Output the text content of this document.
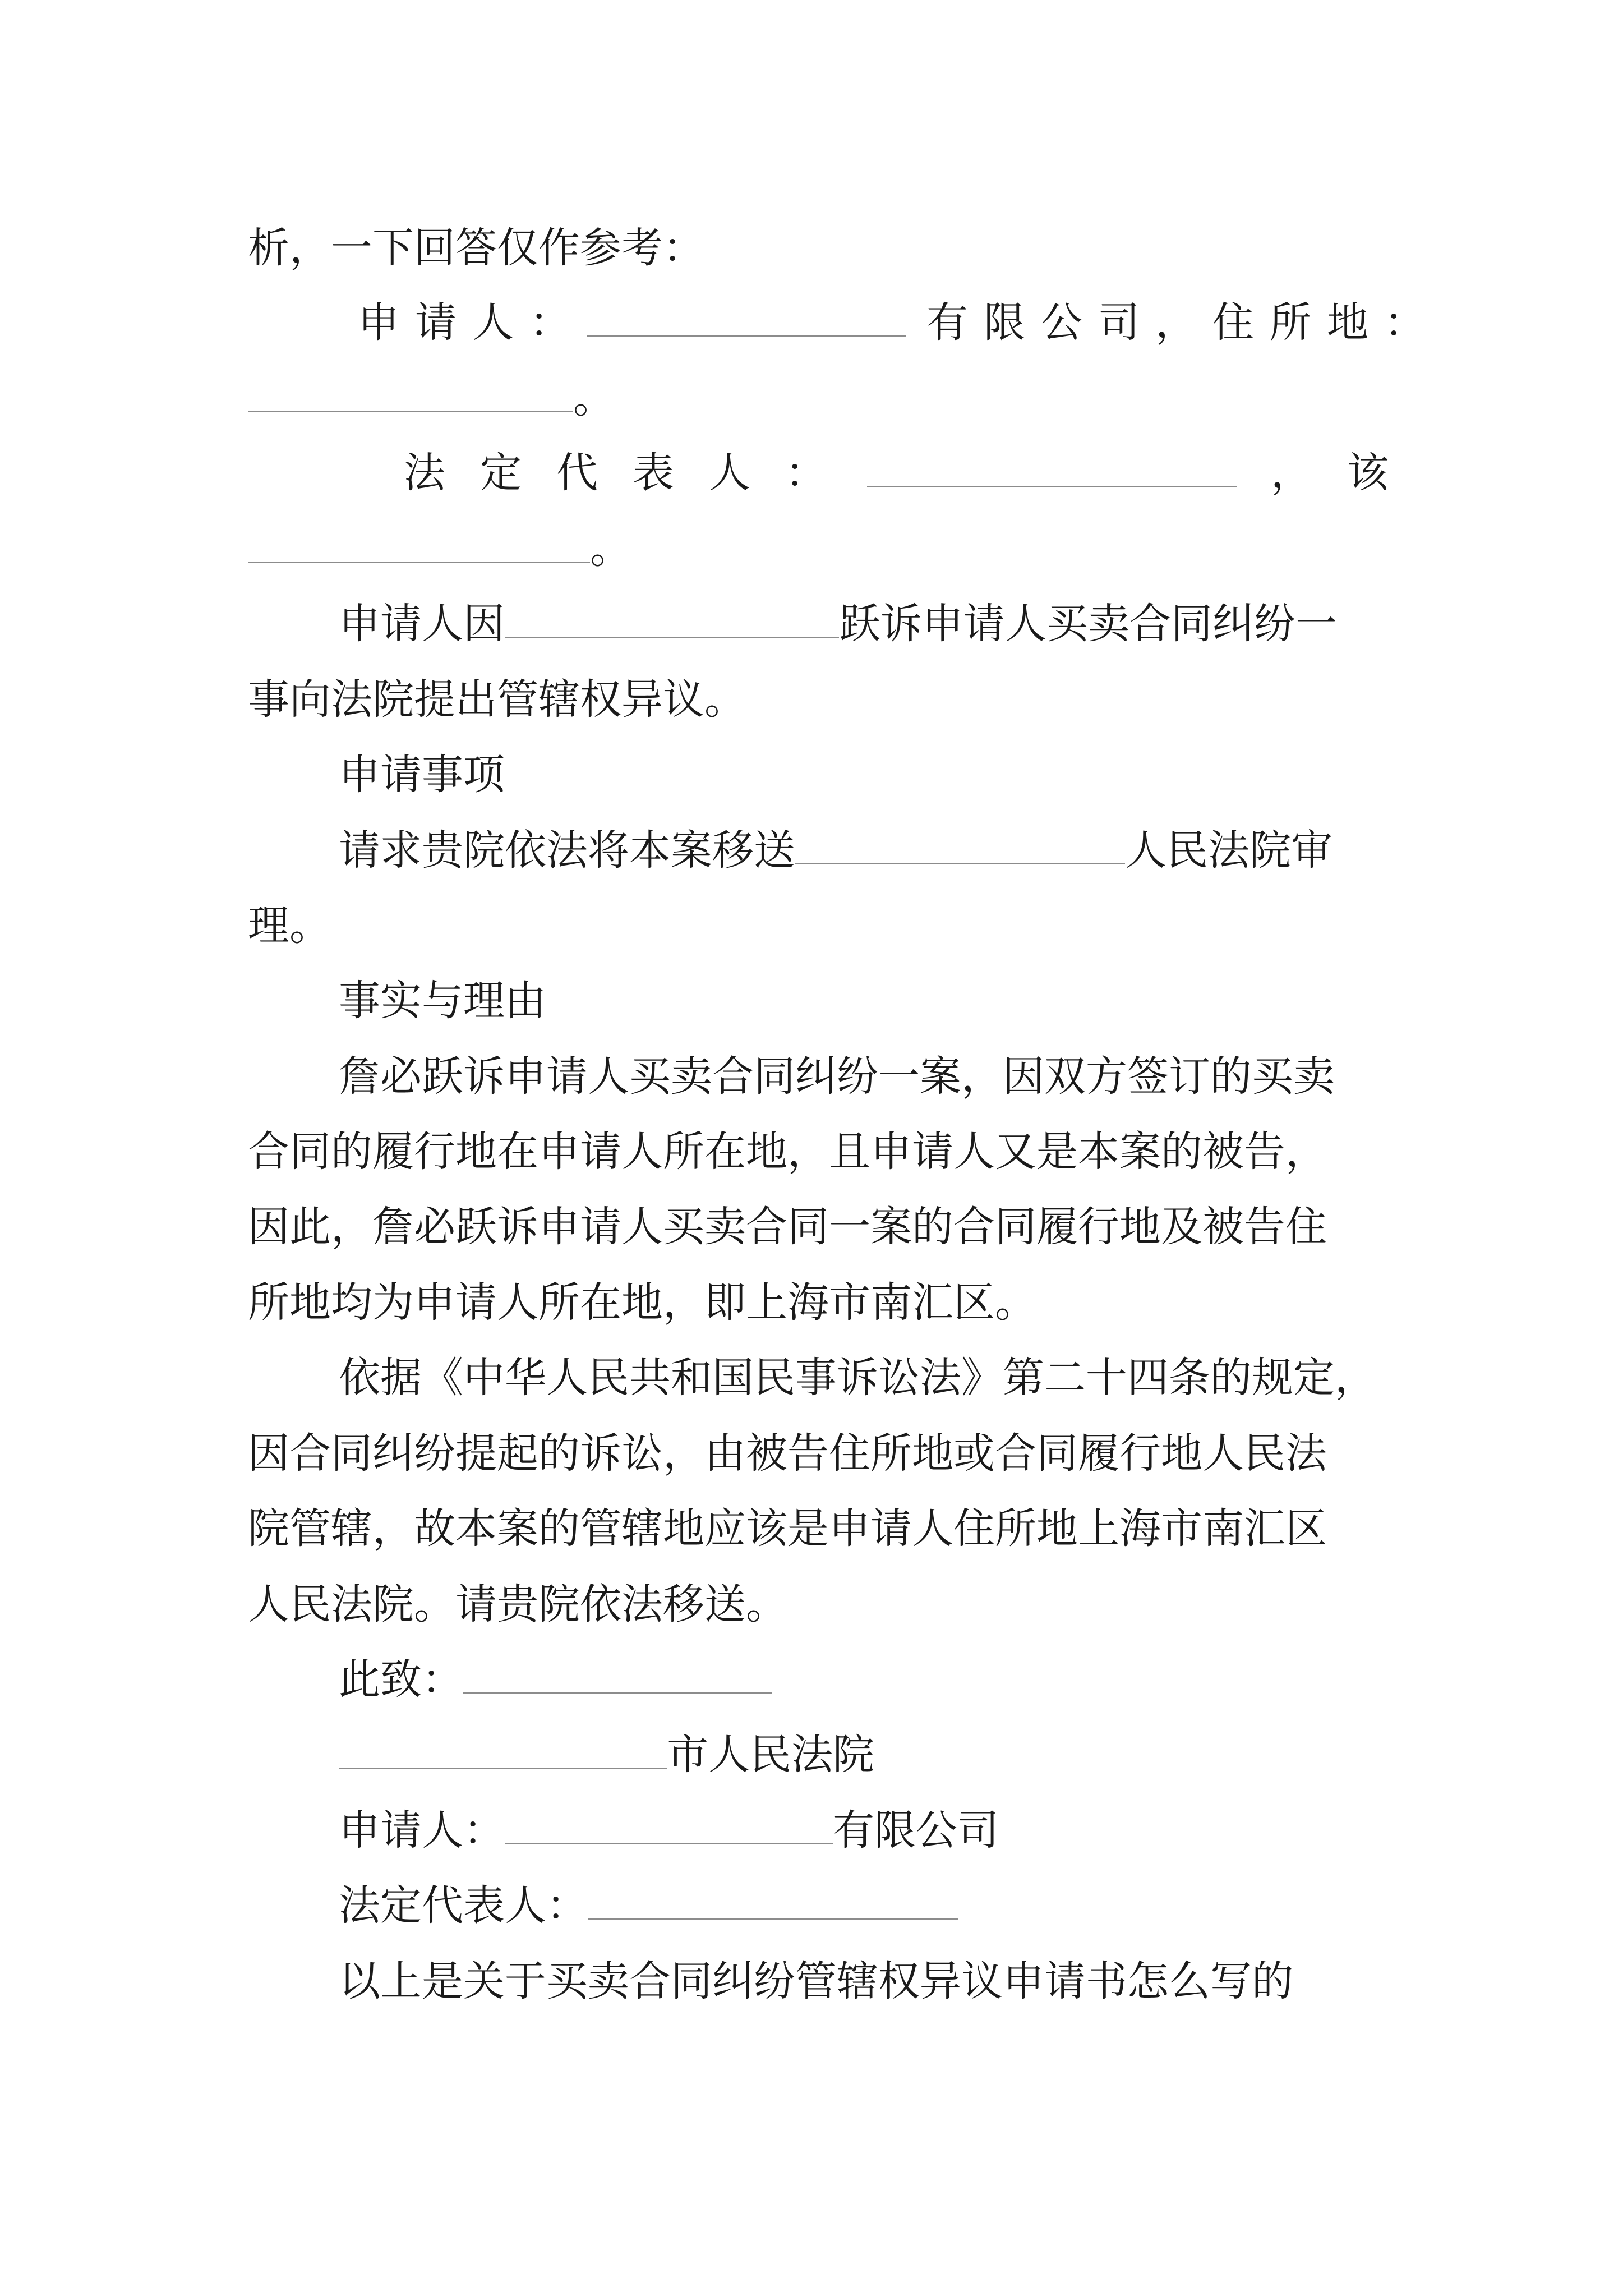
析，一下回答仅作参考：
申请人：	有限公司，住所地：
。
法定代表人：	，该
。
申请人因	跃诉申请人买卖合同纠纷一
事向法院提出管辖权异议。
申请事项
请求贵院依法将本案移送	人民法院审
理。
事实与理由
詹必跃诉申请人买卖合同纠纷一案，因双方签订的买卖
合同的履行地在申请人所在地，且申请人又是本案的被告，
因此，詹必跃诉申请人买卖合同一案的合同履行地及被告住
所地均为申请人所在地，即上海市南汇区。
依据《中华人民共和国民事诉讼法》第二十四条的规定，
因合同纠纷提起的诉讼，由被告住所地或合同履行地人民法
院管辖，故本案的管辖地应该是申请人住所地上海市南汇区
人民法院。请贵院依法移送。
此致：
市人民法院
申请人：	有限公司
法定代表人：
以上是关于买卖合同纠纷管辖权异议申请书怎么写的
